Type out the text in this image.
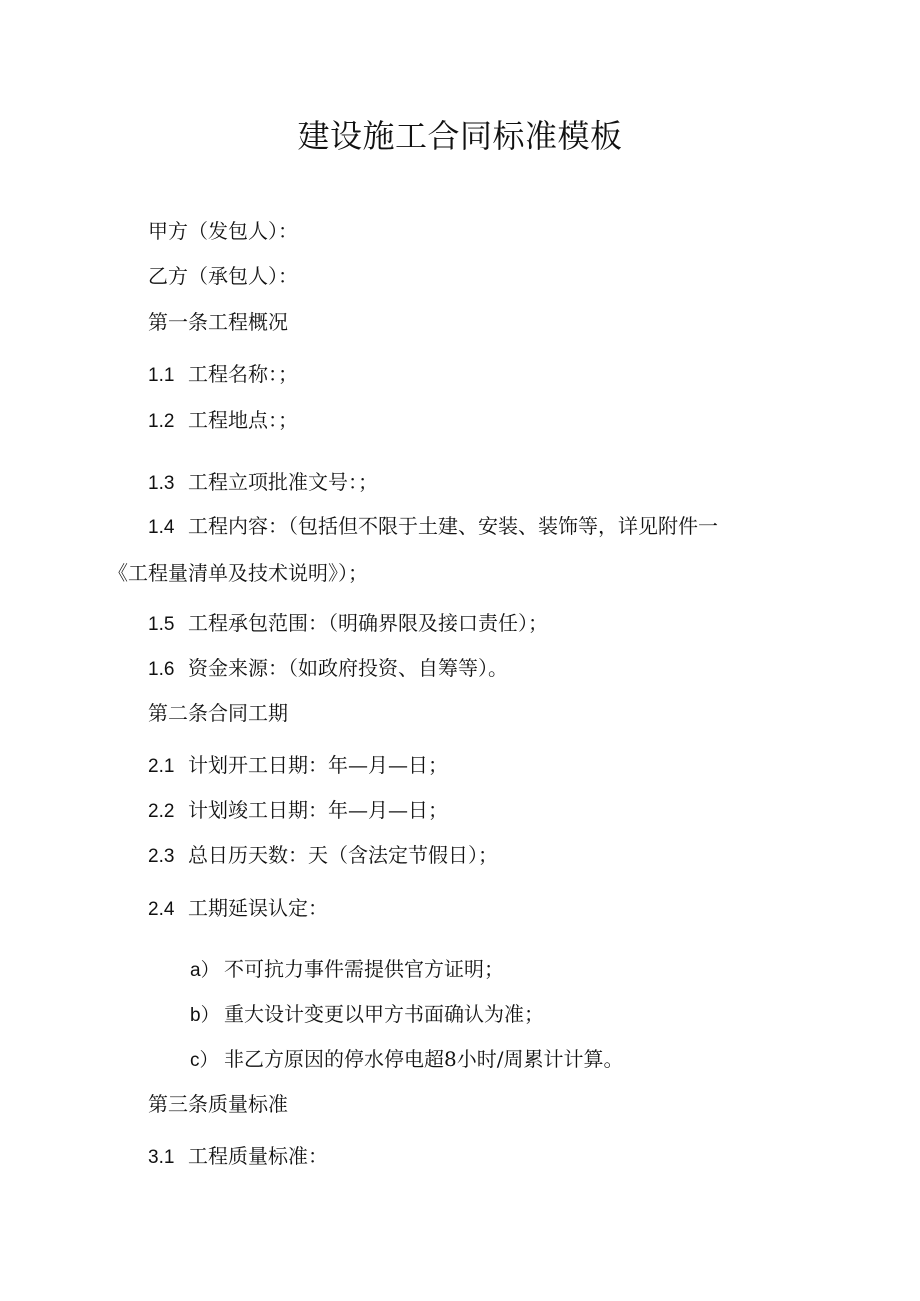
建设施工合同标准模板
甲方（发包人）：
乙方（承包人）：
第一条工程概况
1.1 工程名称：；
1.2 工程地点：；
1.3 工程立项批准文号：；
1.4 工程内容：（包括但不限于土建、安装、装饰等，详见附件一
《工程量清单及技术说明》）；
1.5 工程承包范围：（明确界限及接口责任）；
1.6 资金来源：（如政府投资、自筹等）。
第二条合同工期
2.1 计划开工日期：年—月—日；
2.2 计划竣工日期：年—月—日；
2.3 总日历天数：天（含法定节假日）；
2.4 工期延误认定：
a） 不可抗力事件需提供官方证明；
b） 重大设计变更以甲方书面确认为准；
c） 非乙方原因的停水停电超8小时/周累计计算。
第三条质量标准
3.1 工程质量标准：
